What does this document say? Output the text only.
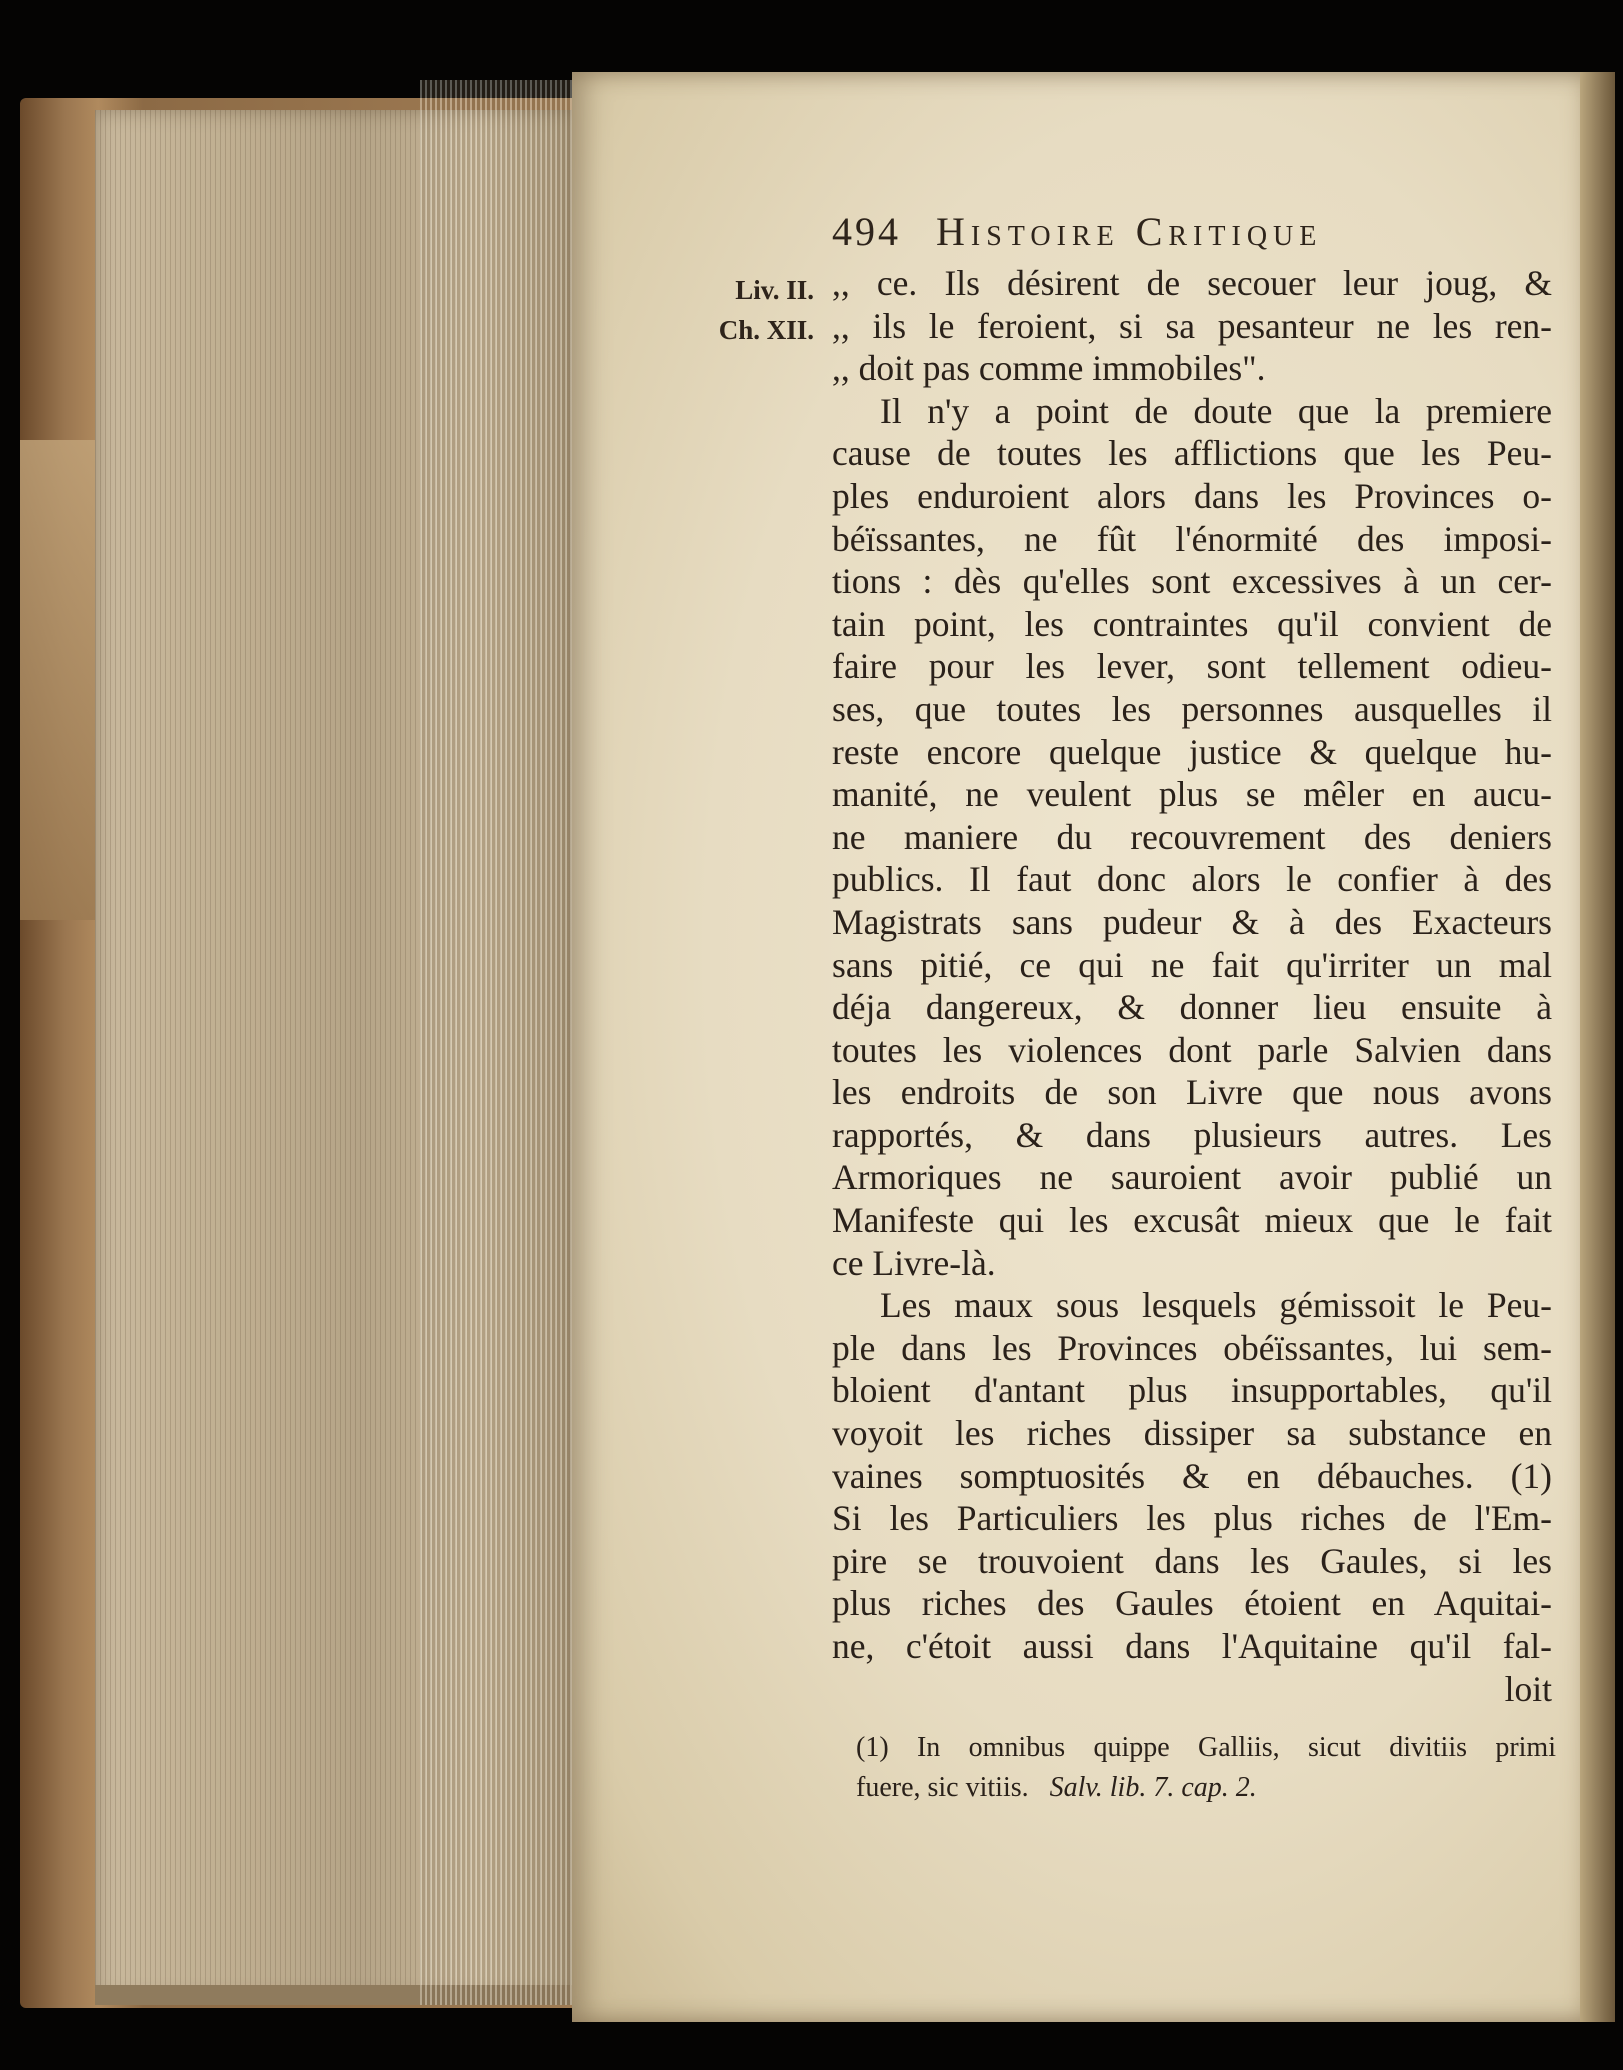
494 Histoire Critique
Liv. II.
Ch. XII.
,, ce. Ils désirent de secouer leur joug, &
,, ils le feroient, si sa pesanteur ne les ren-
,, doit pas comme immobiles".
Il n'y a point de doute que la premiere
cause de toutes les afflictions que les Peu-
ples enduroient alors dans les Provinces o-
béïssantes, ne fût l'énormité des imposi-
tions : dès qu'elles sont excessives à un cer-
tain point, les contraintes qu'il convient de
faire pour les lever, sont tellement odieu-
ses, que toutes les personnes ausquelles il
reste encore quelque justice & quelque hu-
manité, ne veulent plus se mêler en aucu-
ne maniere du recouvrement des deniers
publics. Il faut donc alors le confier à des
Magistrats sans pudeur & à des Exacteurs
sans pitié, ce qui ne fait qu'irriter un mal
déja dangereux, & donner lieu ensuite à
toutes les violences dont parle Salvien dans
les endroits de son Livre que nous avons
rapportés, & dans plusieurs autres. Les
Armoriques ne sauroient avoir publié un
Manifeste qui les excusât mieux que le fait
ce Livre-là.
Les maux sous lesquels gémissoit le Peu-
ple dans les Provinces obéïssantes, lui sem-
bloient d'antant plus insupportables, qu'il
voyoit les riches dissiper sa substance en
vaines somptuosités & en débauches. (1)
Si les Particuliers les plus riches de l'Em-
pire se trouvoient dans les Gaules, si les
plus riches des Gaules étoient en Aquitai-
ne, c'étoit aussi dans l'Aquitaine qu'il fal-
loit
(1) In omnibus quippe Galliis, sicut divitiis primi
fuere, sic vitiis. Salv. lib. 7. cap. 2.
